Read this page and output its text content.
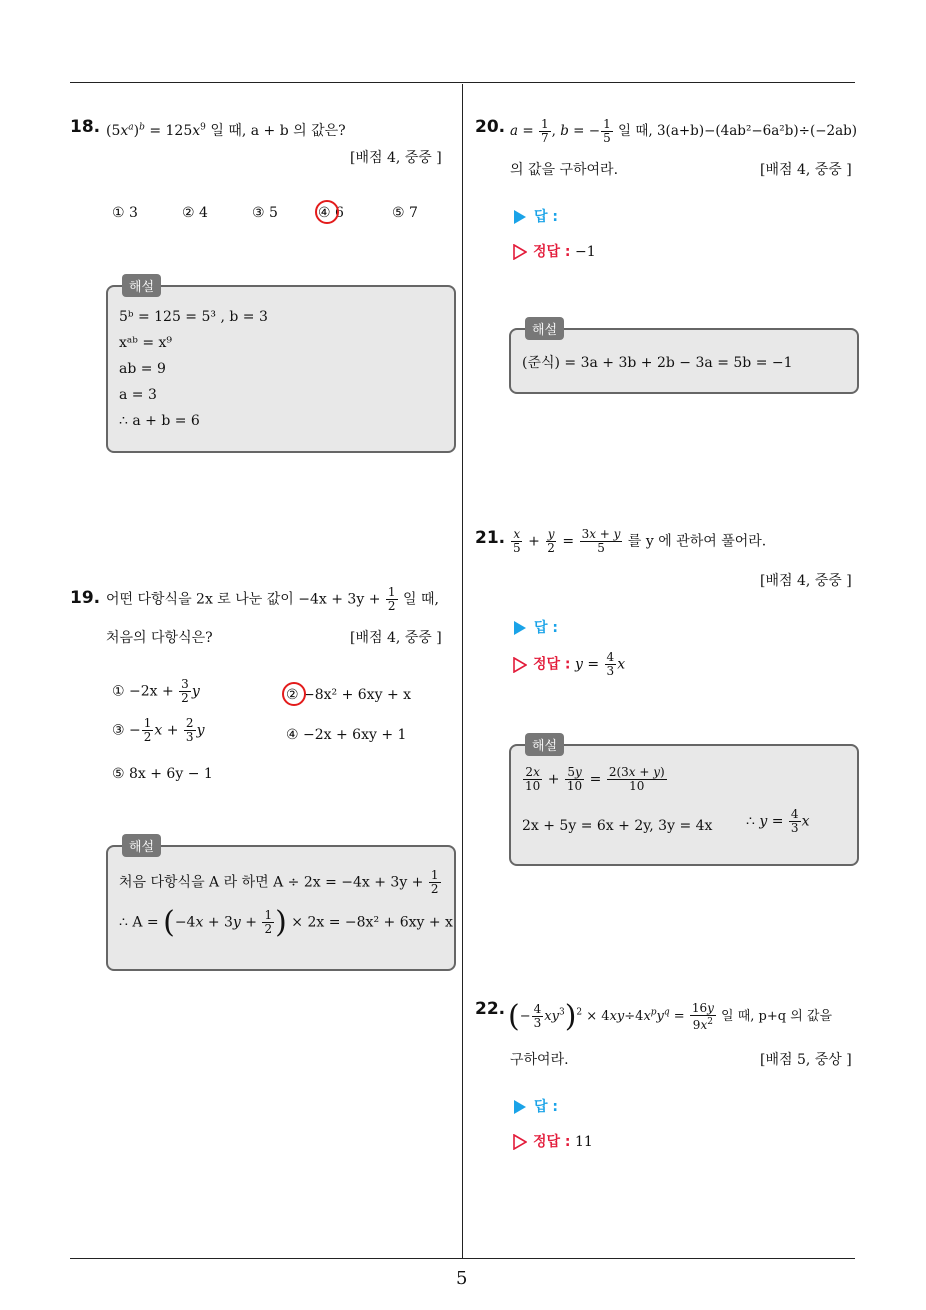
5
18. $(5x^a)^b = 125x^9$ 일 때, a + b 의 값은?
[배점 4, 중중 ]
① 3	② 4	③ 5	④ 6	⑤ 7
해설
5ᵇ = 125 = 5³ , b = 3
xᵃᵇ = x⁹
ab = 9
a = 3
∴ a + b = 6
19. 어떤 다항식을 2x 로 나눈 값이 $-4x + 3y + \frac{1}{2}$ 일 때,
처음의 다항식은?	[배점 4, 중중 ]
① $-2x + \frac{3}{2}$ y	② −8x² + 6xy + x
③ − $\frac{1}{2}$ $x + \frac{2}{3}$ y	④ −2x + 6xy + 1
⑤ 8x + 6y − 1
해설
처음 다항식을 A 라 하면 $A \div 2x = -4x + 3y + \frac{1}{2}$
∴ $A = (-4x + 3y + \frac{1}{2}$ ) × 2x = −8x² + 6xy + x
20. $a = \frac{1}{7}$ , b = − $\frac{1}{5}$ 일 때, 3(a+b)−(4ab²−6a²b)÷(−2ab)
의 값을 구하여라.	[배점 4, 중중 ]
답 :
정답 : −1
해설
(준식) = 3a + 3b + 2b − 3a = 5b = −1
21. $\frac{x}{5} + \frac{y}{2} = \frac{3x + y}{5}$ 를 y 에 관하여 풀어라.
[배점 4, 중중 ]
답 :
정답 : $y = \frac{4}{3}$ x
해설
$\frac{2x}{10} + \frac{5y}{10} = \frac{2(3x + y)}{10}$
2x + 5y = 6x + 2y, 3y = 4x ∴ $y = \frac{4}{3}$ x
22. (− $\frac{4}{3} xy^3)^2 \times 4xy\div 4x^py^q = \frac{16y}{9x^2}$ 일 때, p+q 의 값을
구하여라.	[배점 5, 중상 ]
답 :
정답 : 11
